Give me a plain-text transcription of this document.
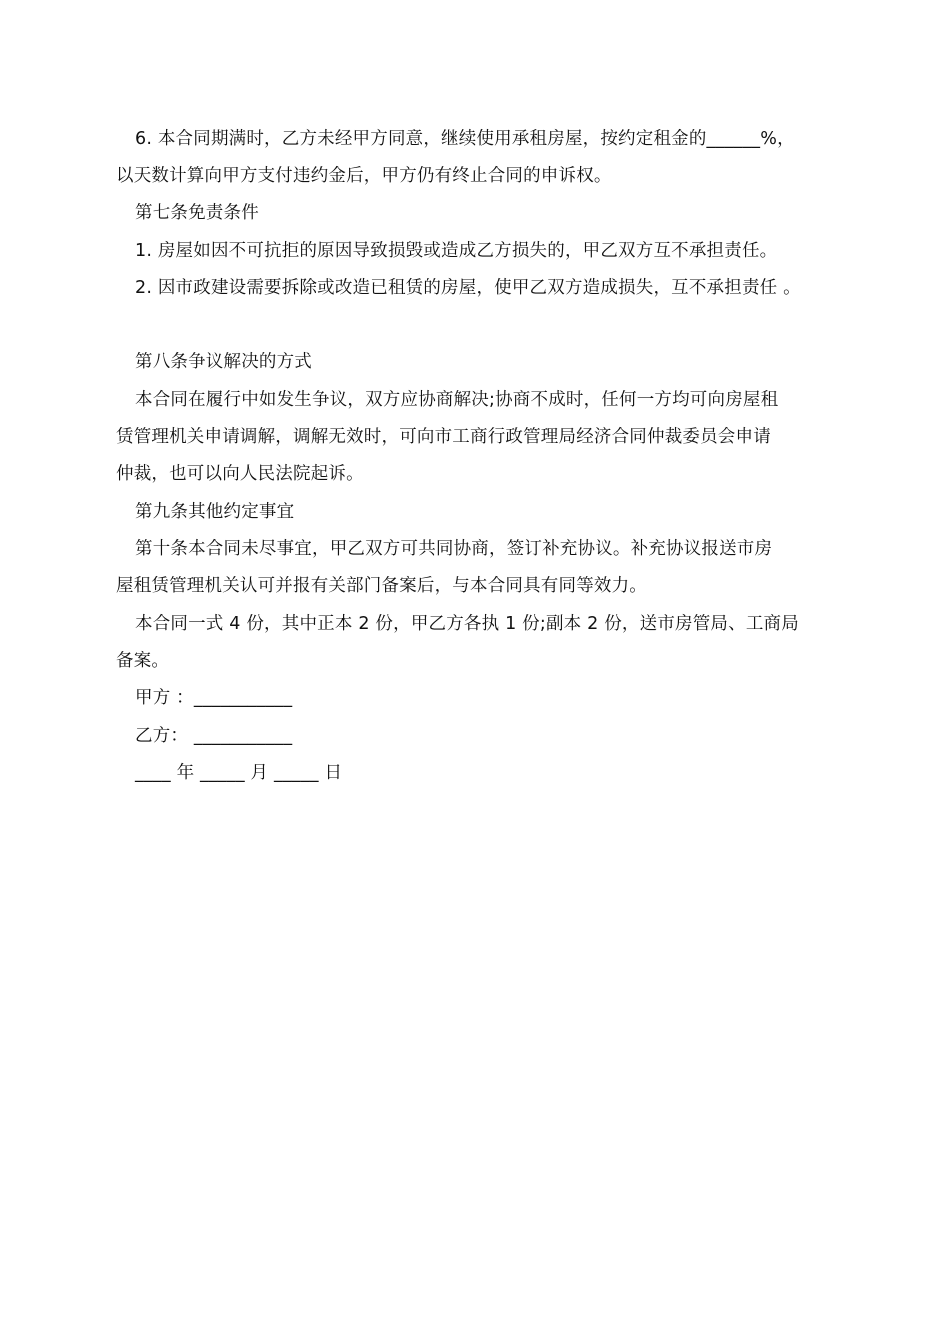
6. 本合同期满时，乙方未经甲方同意，继续使用承租房屋，按约定租金的______%，
以天数计算向甲方支付违约金后，甲方仍有终止合同的申诉权。
第七条免责条件
1. 房屋如因不可抗拒的原因导致损毁或造成乙方损失的，甲乙双方互不承担责任。
2. 因市政建设需要拆除或改造已租赁的房屋，使甲乙双方造成损失，互不承担责任 。
第八条争议解决的方式
本合同在履行中如发生争议，双方应协商解决;协商不成时，任何一方均可向房屋租
赁管理机关申请调解，调解无效时，可向市工商行政管理局经济合同仲裁委员会申请
仲裁，也可以向人民法院起诉。
第九条其他约定事宜
第十条本合同未尽事宜，甲乙双方可共同协商，签订补充协议。补充协议报送市房
屋租赁管理机关认可并报有关部门备案后，与本合同具有同等效力。
本合同一式 4 份，其中正本 2 份，甲乙方各执 1 份;副本 2 份，送市房管局、工商局
备案。
甲方 ：___________
乙方： ___________
____ 年 _____ 月 _____ 日
